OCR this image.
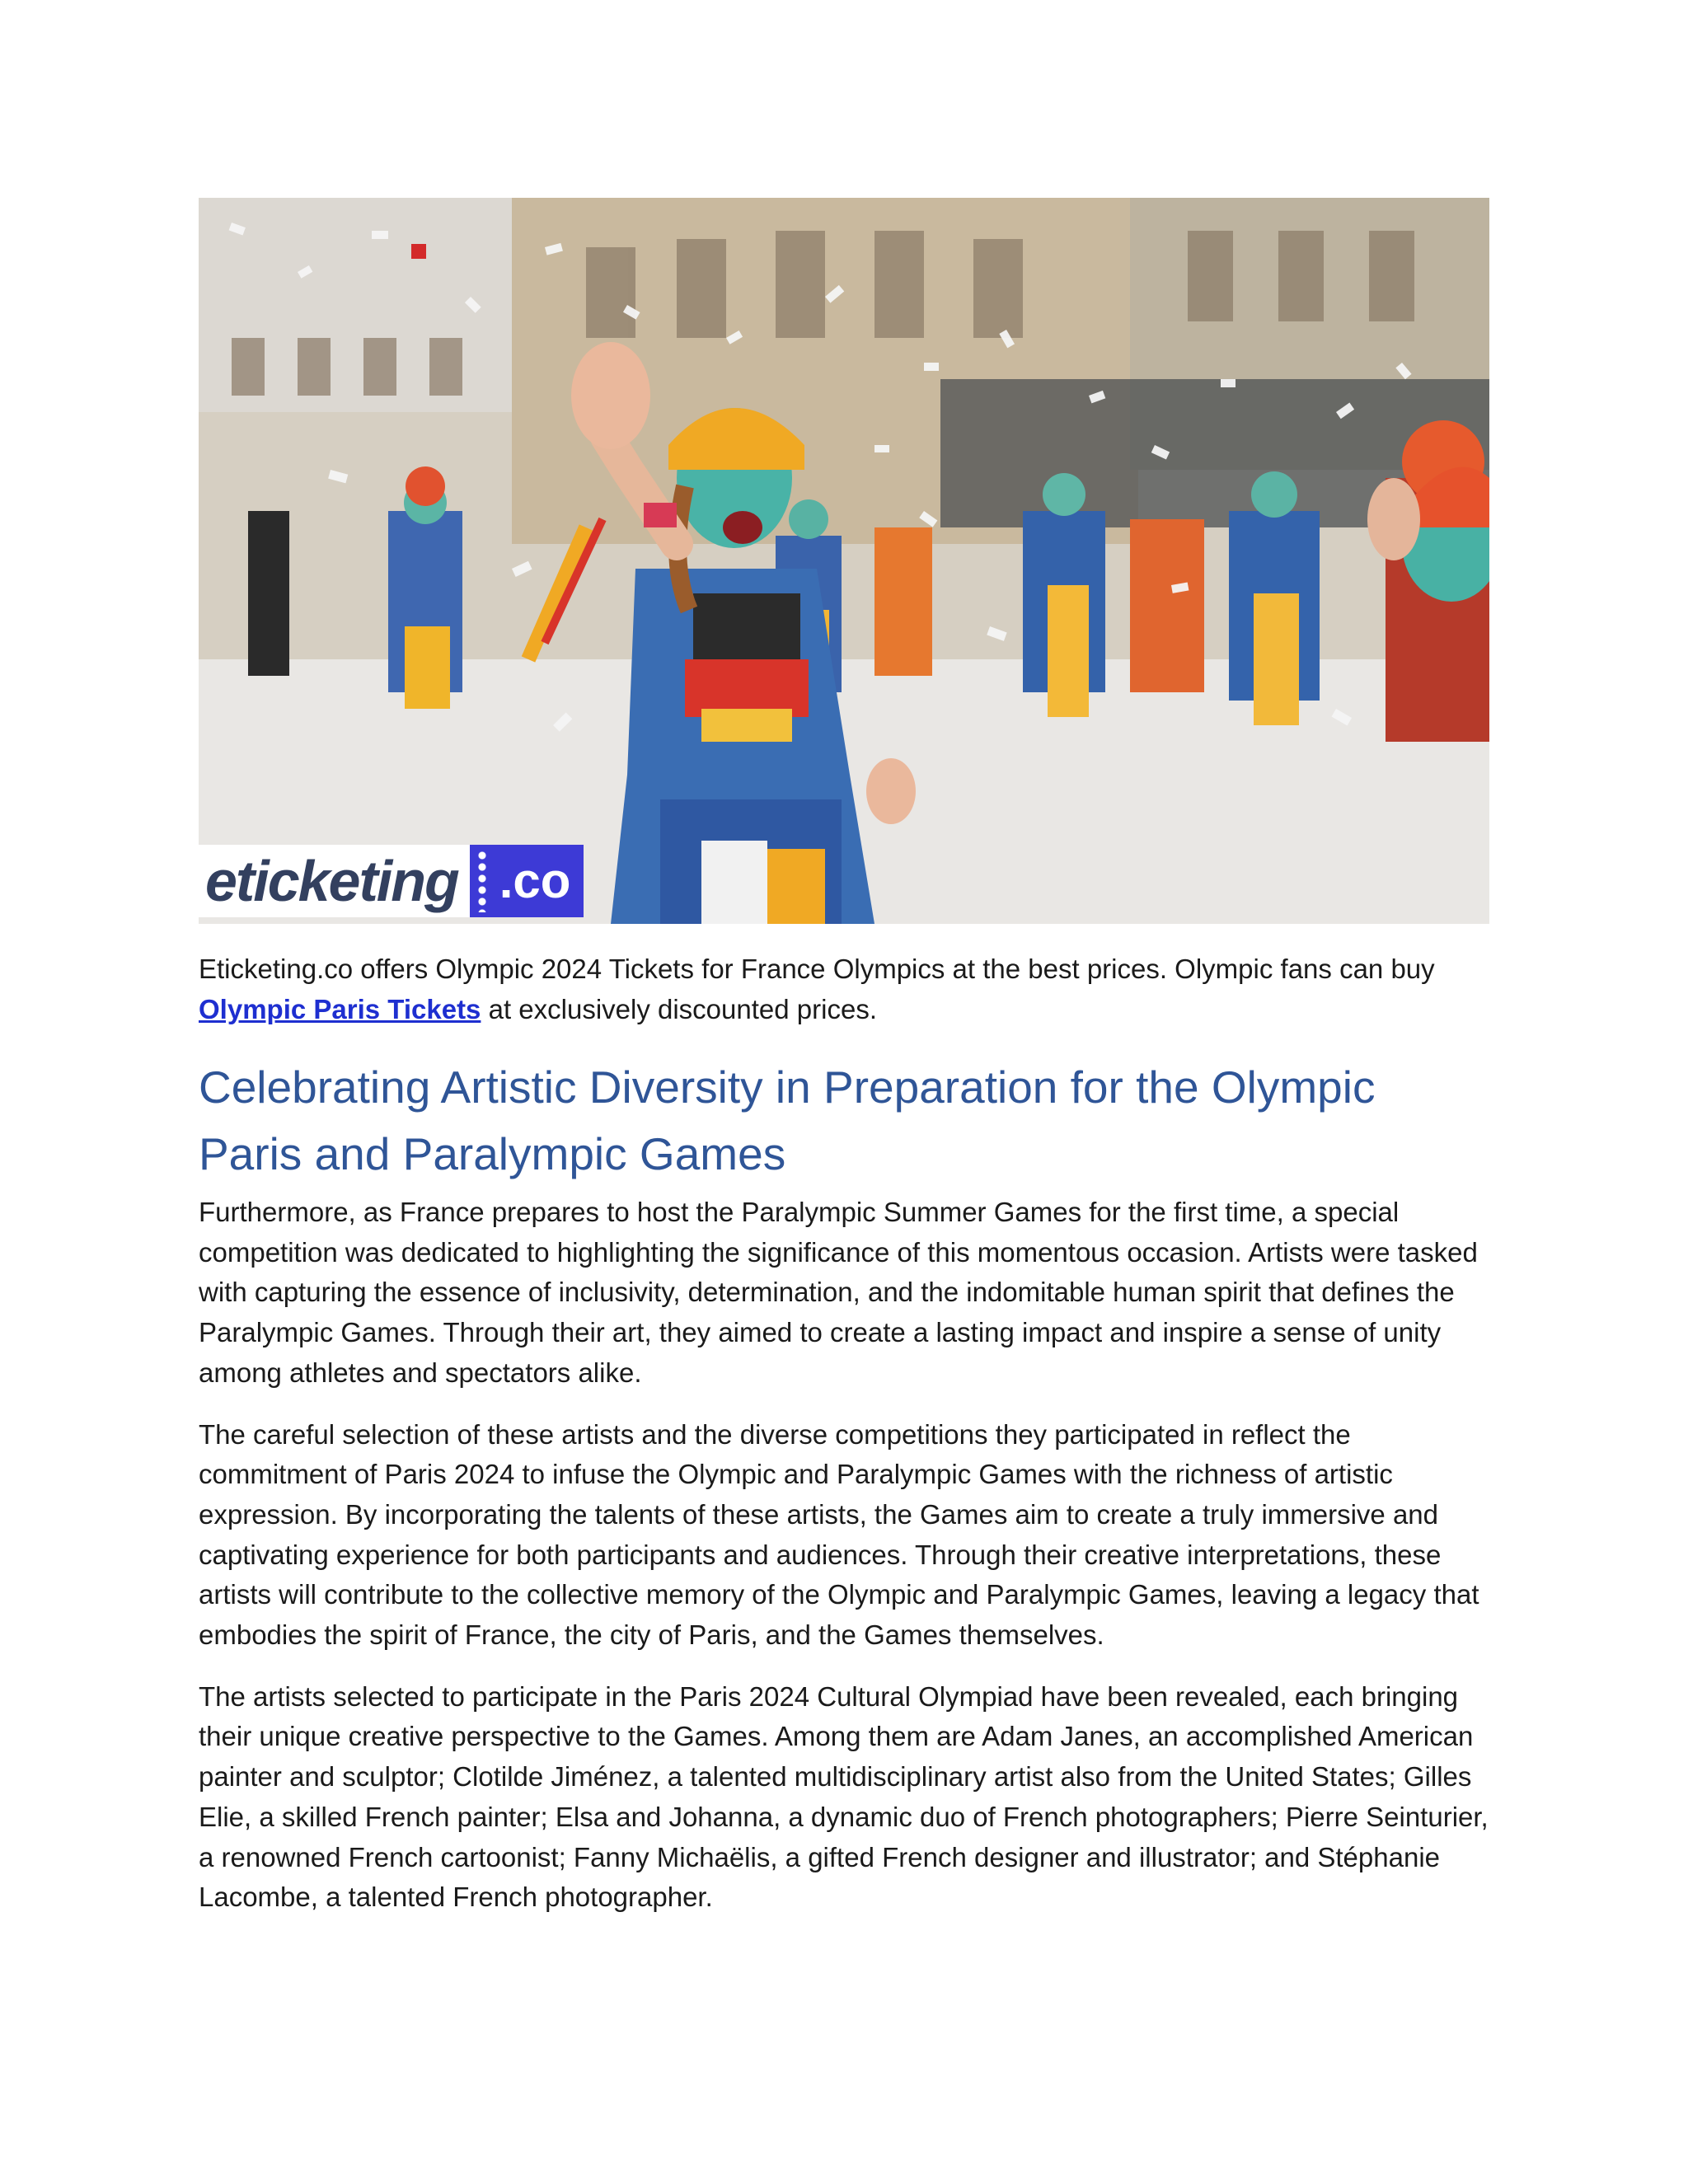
eticketing .co

Eticketing.co offers Olympic 2024 Tickets for France Olympics at the best prices. Olympic fans can buy Olympic Paris Tickets at exclusively discounted prices.

Celebrating Artistic Diversity in Preparation for the Olympic Paris and Paralympic Games

Furthermore, as France prepares to host the Paralympic Summer Games for the first time, a special competition was dedicated to highlighting the significance of this momentous occasion. Artists were tasked with capturing the essence of inclusivity, determination, and the indomitable human spirit that defines the Paralympic Games. Through their art, they aimed to create a lasting impact and inspire a sense of unity among athletes and spectators alike.

The careful selection of these artists and the diverse competitions they participated in reflect the commitment of Paris 2024 to infuse the Olympic and Paralympic Games with the richness of artistic expression. By incorporating the talents of these artists, the Games aim to create a truly immersive and captivating experience for both participants and audiences. Through their creative interpretations, these artists will contribute to the collective memory of the Olympic and Paralympic Games, leaving a legacy that embodies the spirit of France, the city of Paris, and the Games themselves.

The artists selected to participate in the Paris 2024 Cultural Olympiad have been revealed, each bringing their unique creative perspective to the Games. Among them are Adam Janes, an accomplished American painter and sculptor; Clotilde Jiménez, a talented multidisciplinary artist also from the United States; Gilles Elie, a skilled French painter; Elsa and Johanna, a dynamic duo of French photographers; Pierre Seinturier, a renowned French cartoonist; Fanny Michaëlis, a gifted French designer and illustrator; and Stéphanie Lacombe, a talented French photographer.
